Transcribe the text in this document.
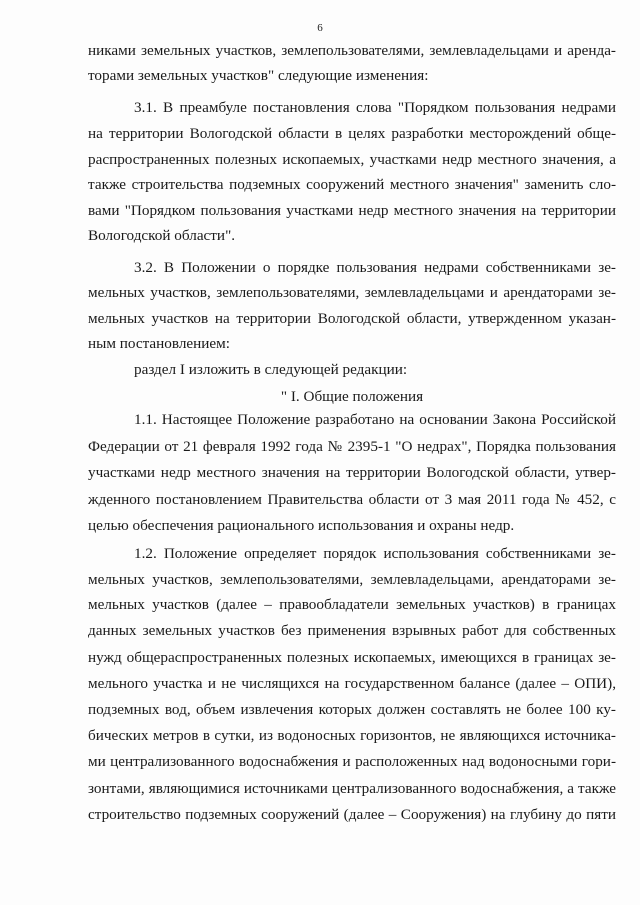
6
никами земельных участков, землепользователями, землевладельцами и аренда-
торами земельных участков" следующие изменения:
3.1. В преамбуле постановления слова "Порядком пользования недрами
на территории Вологодской области в целях разработки месторождений обще-
распространенных полезных ископаемых, участками недр местного значения, а
также строительства подземных сооружений местного значения" заменить сло-
вами "Порядком пользования участками недр местного значения на территории
Вологодской области".
3.2. В Положении о порядке пользования недрами собственниками зе-
мельных участков, землепользователями, землевладельцами и арендаторами зе-
мельных участков на территории Вологодской области, утвержденном указан-
ным постановлением:
раздел I изложить в следующей редакции:
" I. Общие положения
1.1. Настоящее Положение разработано на основании Закона Российской
Федерации от 21 февраля 1992 года № 2395-1 "О недрах", Порядка пользования
участками недр местного значения на территории Вологодской области, утвер-
жденного постановлением Правительства области от 3 мая 2011 года № 452, с
целью обеспечения рационального использования и охраны недр.
1.2. Положение определяет порядок использования собственниками зе-
мельных участков, землепользователями, землевладельцами, арендаторами зе-
мельных участков (далее – правообладатели земельных участков) в границах
данных земельных участков без применения взрывных работ для собственных
нужд общераспространенных полезных ископаемых, имеющихся в границах зе-
мельного участка и не числящихся на государственном балансе (далее – ОПИ),
подземных вод, объем извлечения которых должен составлять не более 100 ку-
бических метров в сутки, из водоносных горизонтов, не являющихся источника-
ми централизованного водоснабжения и расположенных над водоносными гори-
зонтами, являющимися источниками централизованного водоснабжения, а также
строительство подземных сооружений (далее – Сооружения) на глубину до пяти
